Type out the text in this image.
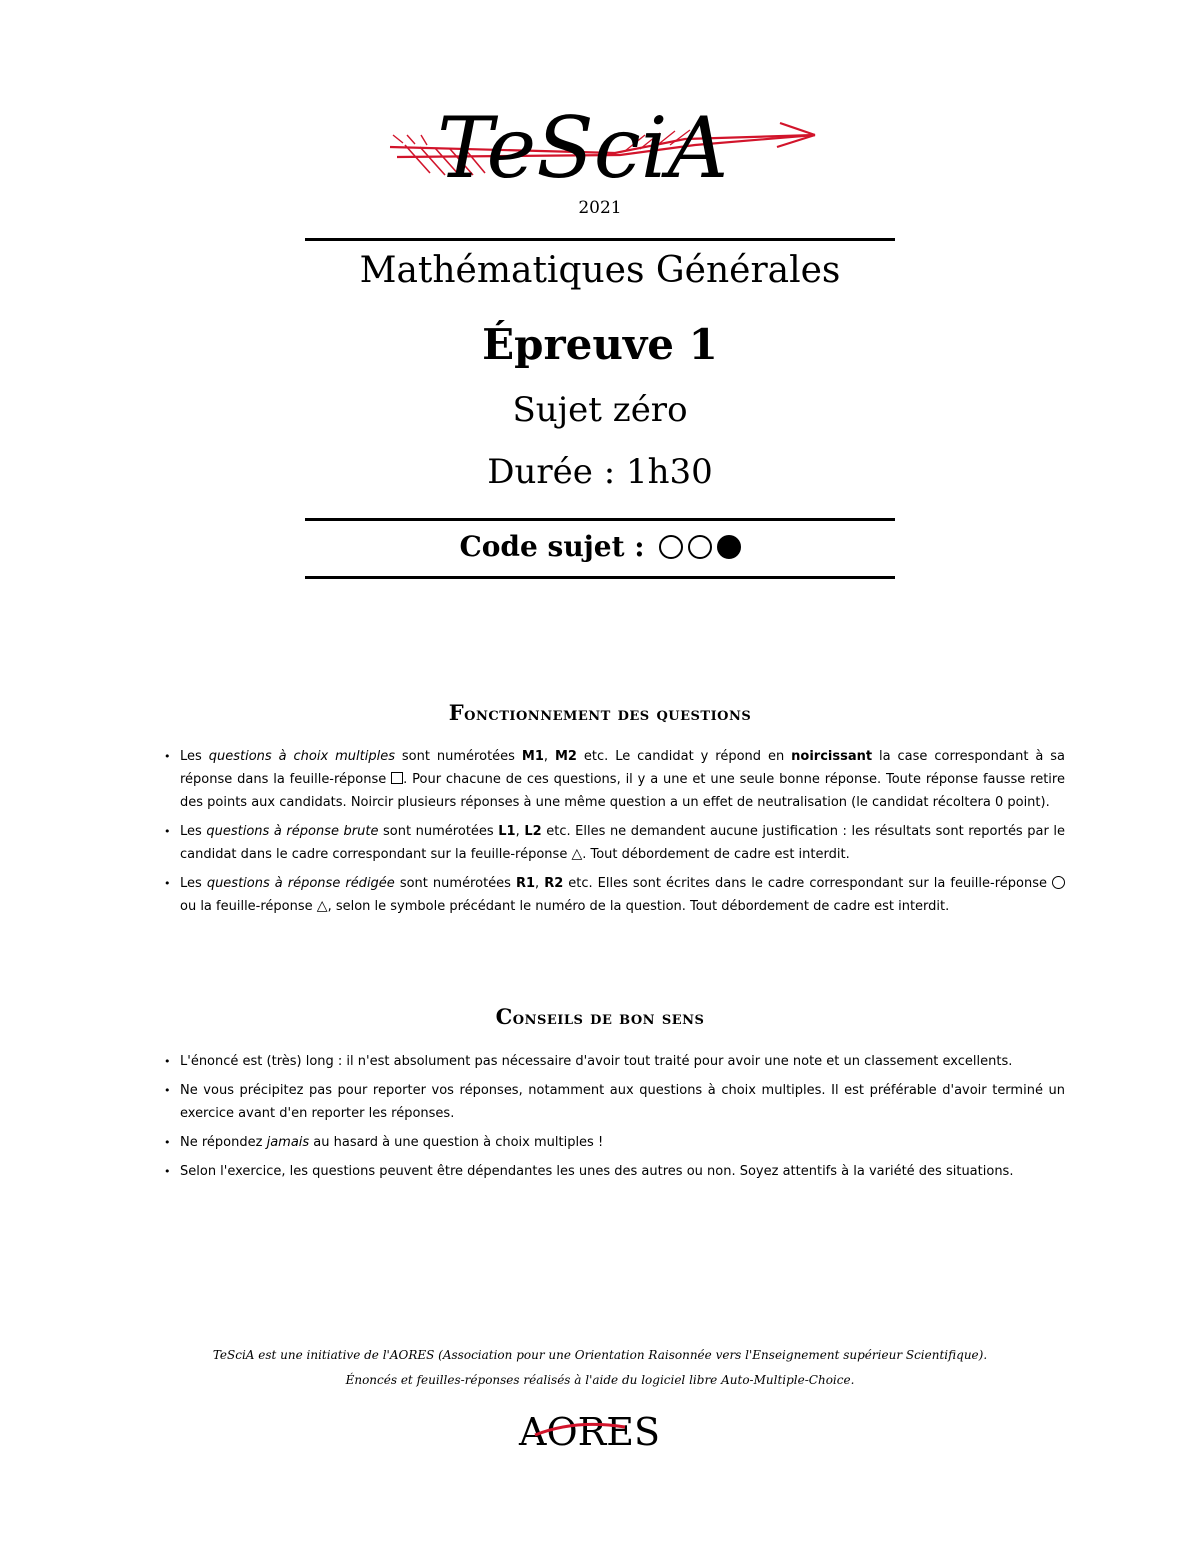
TeSciA
2021
Mathématiques Générales
Épreuve 1
Sujet zéro
Durée : 1h30
Code sujet :
Fonctionnement des questions
• Les questions à choix multiples sont numérotées M1, M2 etc. Le candidat y répond en noircissant la case correspondant à sa réponse dans la feuille-réponse . Pour chacune de ces questions, il y a une et une seule bonne réponse. Toute réponse fausse retire des points aux candidats. Noircir plusieurs réponses à une même question a un effet de neutralisation (le candidat récoltera 0 point).
• Les questions à réponse brute sont numérotées L1, L2 etc. Elles ne demandent aucune justification : les résultats sont reportés par le candidat dans le cadre correspondant sur la feuille-réponse △. Tout débordement de cadre est interdit.
• Les questions à réponse rédigée sont numérotées R1, R2 etc. Elles sont écrites dans le cadre correspondant sur la feuille-réponse  ou la feuille-réponse △, selon le symbole précédant le numéro de la question. Tout débordement de cadre est interdit.
Conseils de bon sens
• L'énoncé est (très) long : il n'est absolument pas nécessaire d'avoir tout traité pour avoir une note et un classement excellents.
• Ne vous précipitez pas pour reporter vos réponses, notamment aux questions à choix multiples. Il est préférable d'avoir terminé un exercice avant d'en reporter les réponses.
• Ne répondez jamais au hasard à une question à choix multiples !
• Selon l'exercice, les questions peuvent être dépendantes les unes des autres ou non. Soyez attentifs à la variété des situations.
TeSciA est une initiative de l'AORES (Association pour une Orientation Raisonnée vers l'Enseignement supérieur Scientifique).
Énoncés et feuilles-réponses réalisés à l'aide du logiciel libre Auto-Multiple-Choice.
AORES
